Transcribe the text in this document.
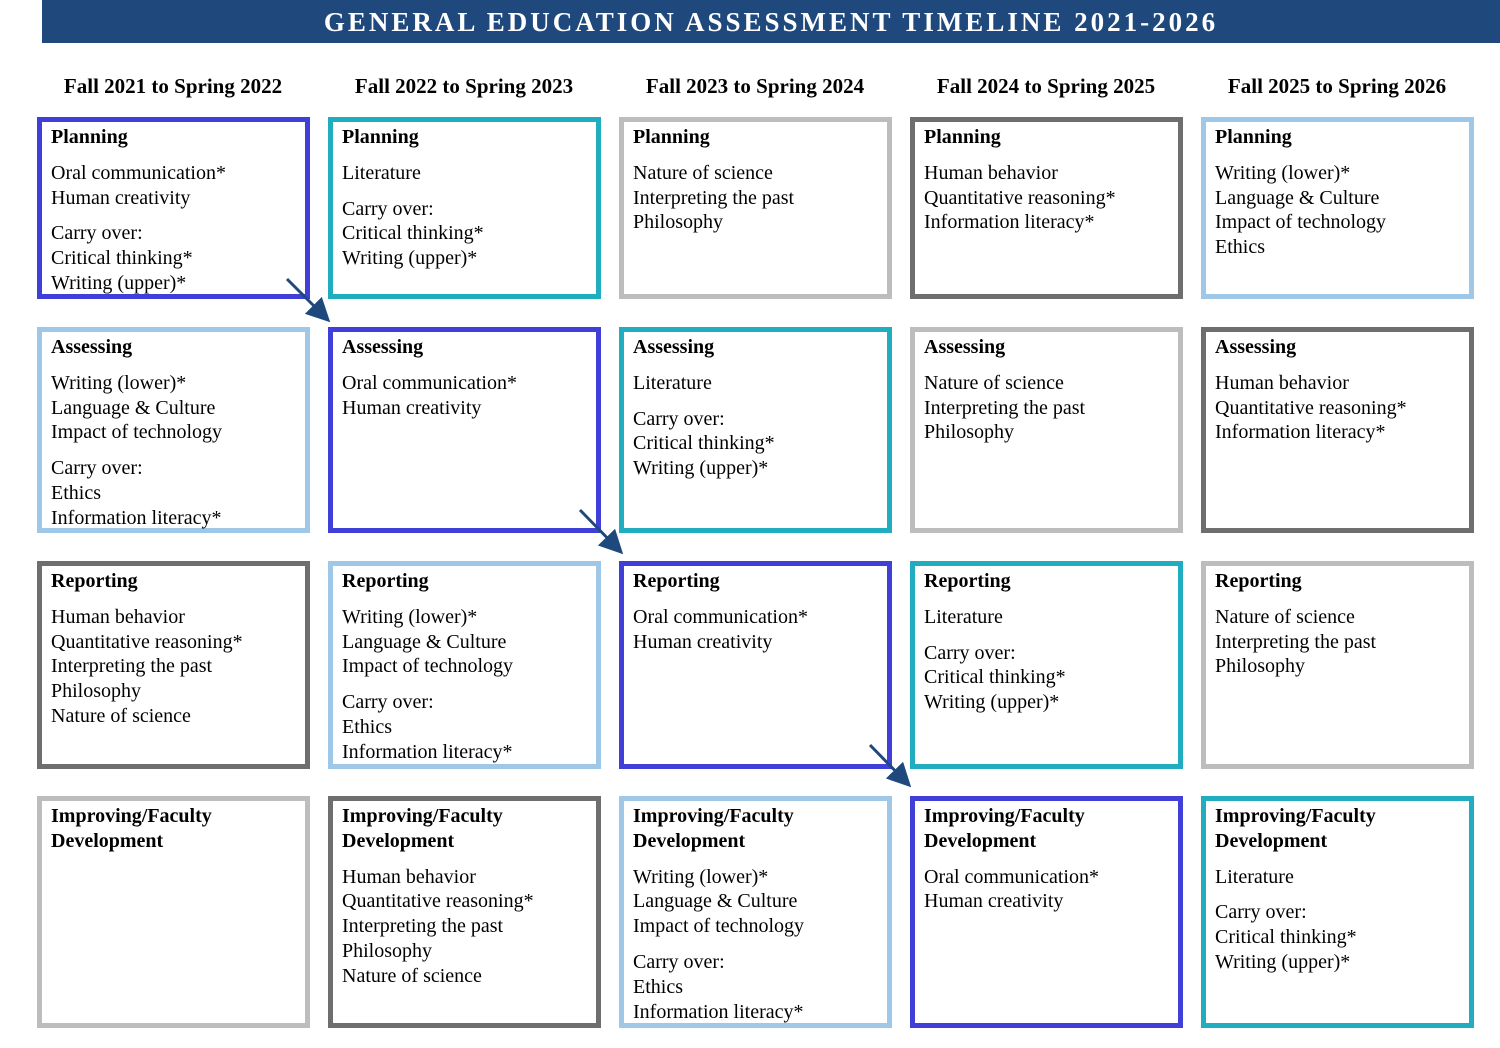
GENERAL EDUCATION ASSESSMENT TIMELINE 2021-2026
Fall 2021 to Spring 2022	Fall 2022 to Spring 2023	Fall 2023 to Spring 2024	Fall 2024 to Spring 2025	Fall 2025 to Spring 2026
Planning
Oral communication*
Human creativity
Carry over:
Critical thinking*
Writing (upper)*
Planning
Literature
Carry over:
Critical thinking*
Writing (upper)*
Planning
Nature of science
Interpreting the past
Philosophy
Planning
Human behavior
Quantitative reasoning*
Information literacy*
Planning
Writing (lower)*
Language & Culture
Impact of technology
Ethics
Assessing
Writing (lower)*
Language & Culture
Impact of technology
Carry over:
Ethics
Information literacy*
Assessing
Oral communication*
Human creativity
Assessing
Literature
Carry over:
Critical thinking*
Writing (upper)*
Assessing
Nature of science
Interpreting the past
Philosophy
Assessing
Human behavior
Quantitative reasoning*
Information literacy*
Reporting
Human behavior
Quantitative reasoning*
Interpreting the past
Philosophy
Nature of science
Reporting
Writing (lower)*
Language & Culture
Impact of technology
Carry over:
Ethics
Information literacy*
Reporting
Oral communication*
Human creativity
Reporting
Literature
Carry over:
Critical thinking*
Writing (upper)*
Reporting
Nature of science
Interpreting the past
Philosophy
Improving/Faculty
Development
Improving/Faculty
Development
Human behavior
Quantitative reasoning*
Interpreting the past
Philosophy
Nature of science
Improving/Faculty
Development
Writing (lower)*
Language & Culture
Impact of technology
Carry over:
Ethics
Information literacy*
Improving/Faculty
Development
Oral communication*
Human creativity
Improving/Faculty
Development
Literature
Carry over:
Critical thinking*
Writing (upper)*
